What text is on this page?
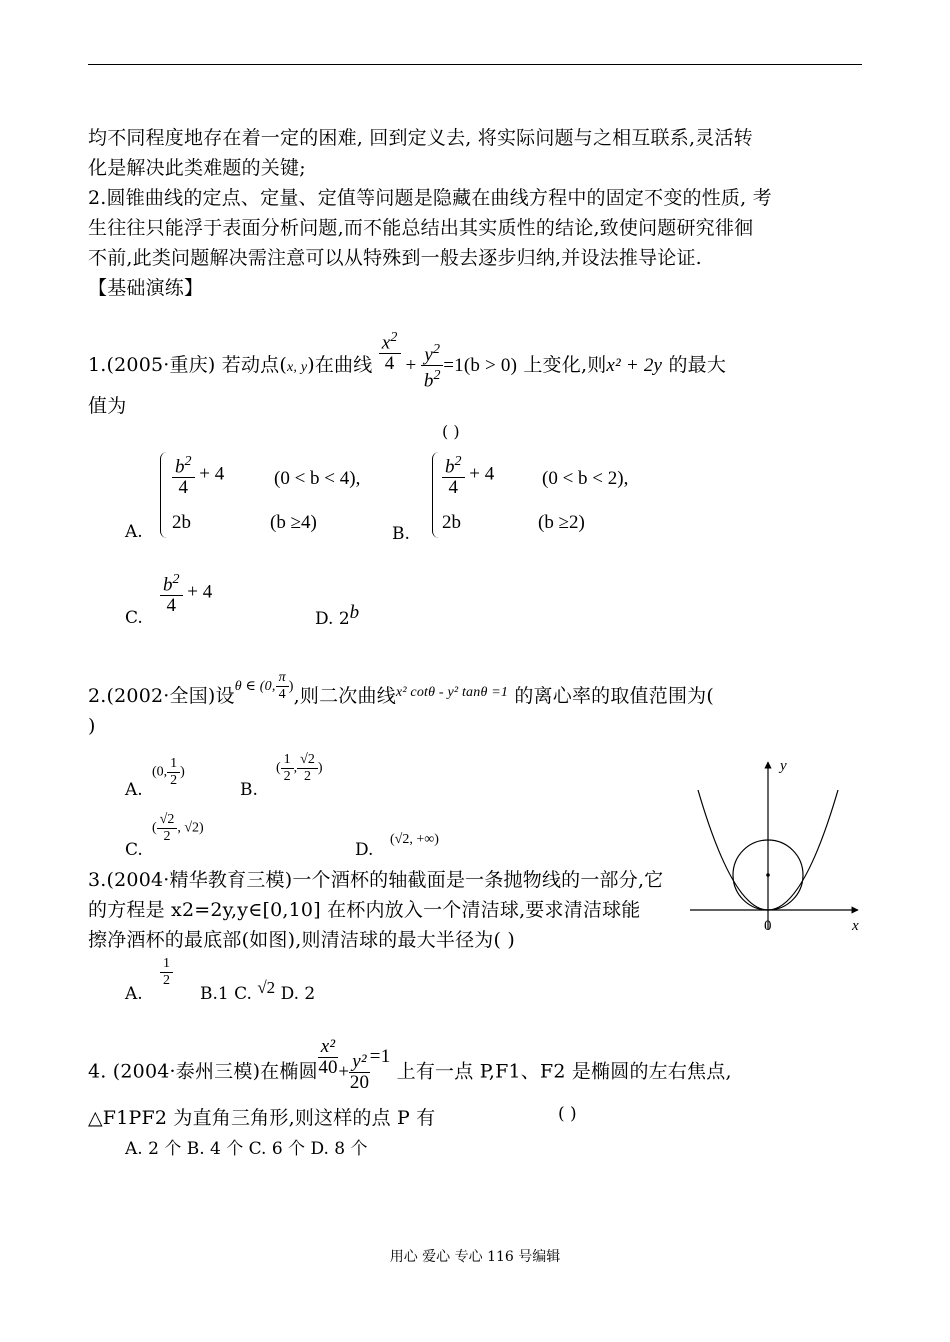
均不同程度地存在着一定的困难, 回到定义去, 将实际问题与之相互联系,灵活转
化是解决此类难题的关键;
2.圆锥曲线的定点、定量、定值等问题是隐藏在曲线方程中的固定不变的性质, 考
生往往只能浮于表面分析问题,而不能总结出其实质性的结论,致使问题研究徘徊
不前,此类问题解决需注意可以从特殊到一般去逐步归纳,并设法推导论证.
【基础演练】
1.(2005·重庆) 若动点(x, y)在曲线 $\frac{x^2}{4} + \frac{y^2}{b^2} =1(b > 0)$ 上变化,则x² + 2y 的最大
值为
( )
A.
$\frac{b^2}{4} + 4$	(0 < b < 4),
2b	(b ≥4)
B.
$\frac{b^2}{4} + 4$	(0 < b < 2),
2b	(b ≥2)
C.
$\frac{b^2}{4} + 4$
D. 2b
2.(2002·全国)设$^{\theta \in (0, \frac{\pi}{4} )}$,则二次曲线$^{x^2 cot\theta - y^2 tan\theta =1}$ 的离心率的取值范围为(
)
A.
(0, $\frac{1}{2}$ )
B.
( $\frac{1}{2}$ , $\frac{√2}{2}$ )
C.
( $\frac{√2}{2}$ , √2)
D.
(√2, +∞)
3.(2004·精华教育三模)一个酒杯的轴截面是一条抛物线的一部分,它
的方程是 x2=2y,y∈[0,10] 在杯内放入一个清洁球,要求清洁球能
擦净酒杯的最底部(如图),则清洁球的最大半径为( )
A.
$\frac{1}{2}$
B.1 C. √2 D. 2
y
x
0
4. (2004·泰州三模)在椭圆 $\frac{\text{x²}}{40} + \frac{\text{y²}}{20} =1$ 上有一点 P,F1、F2 是椭圆的左右焦点,
△F1PF2 为直角三角形,则这样的点 P 有	( )
A. 2 个 B. 4 个 C. 6 个 D. 8 个
用心 爱心 专心 116 号编辑
